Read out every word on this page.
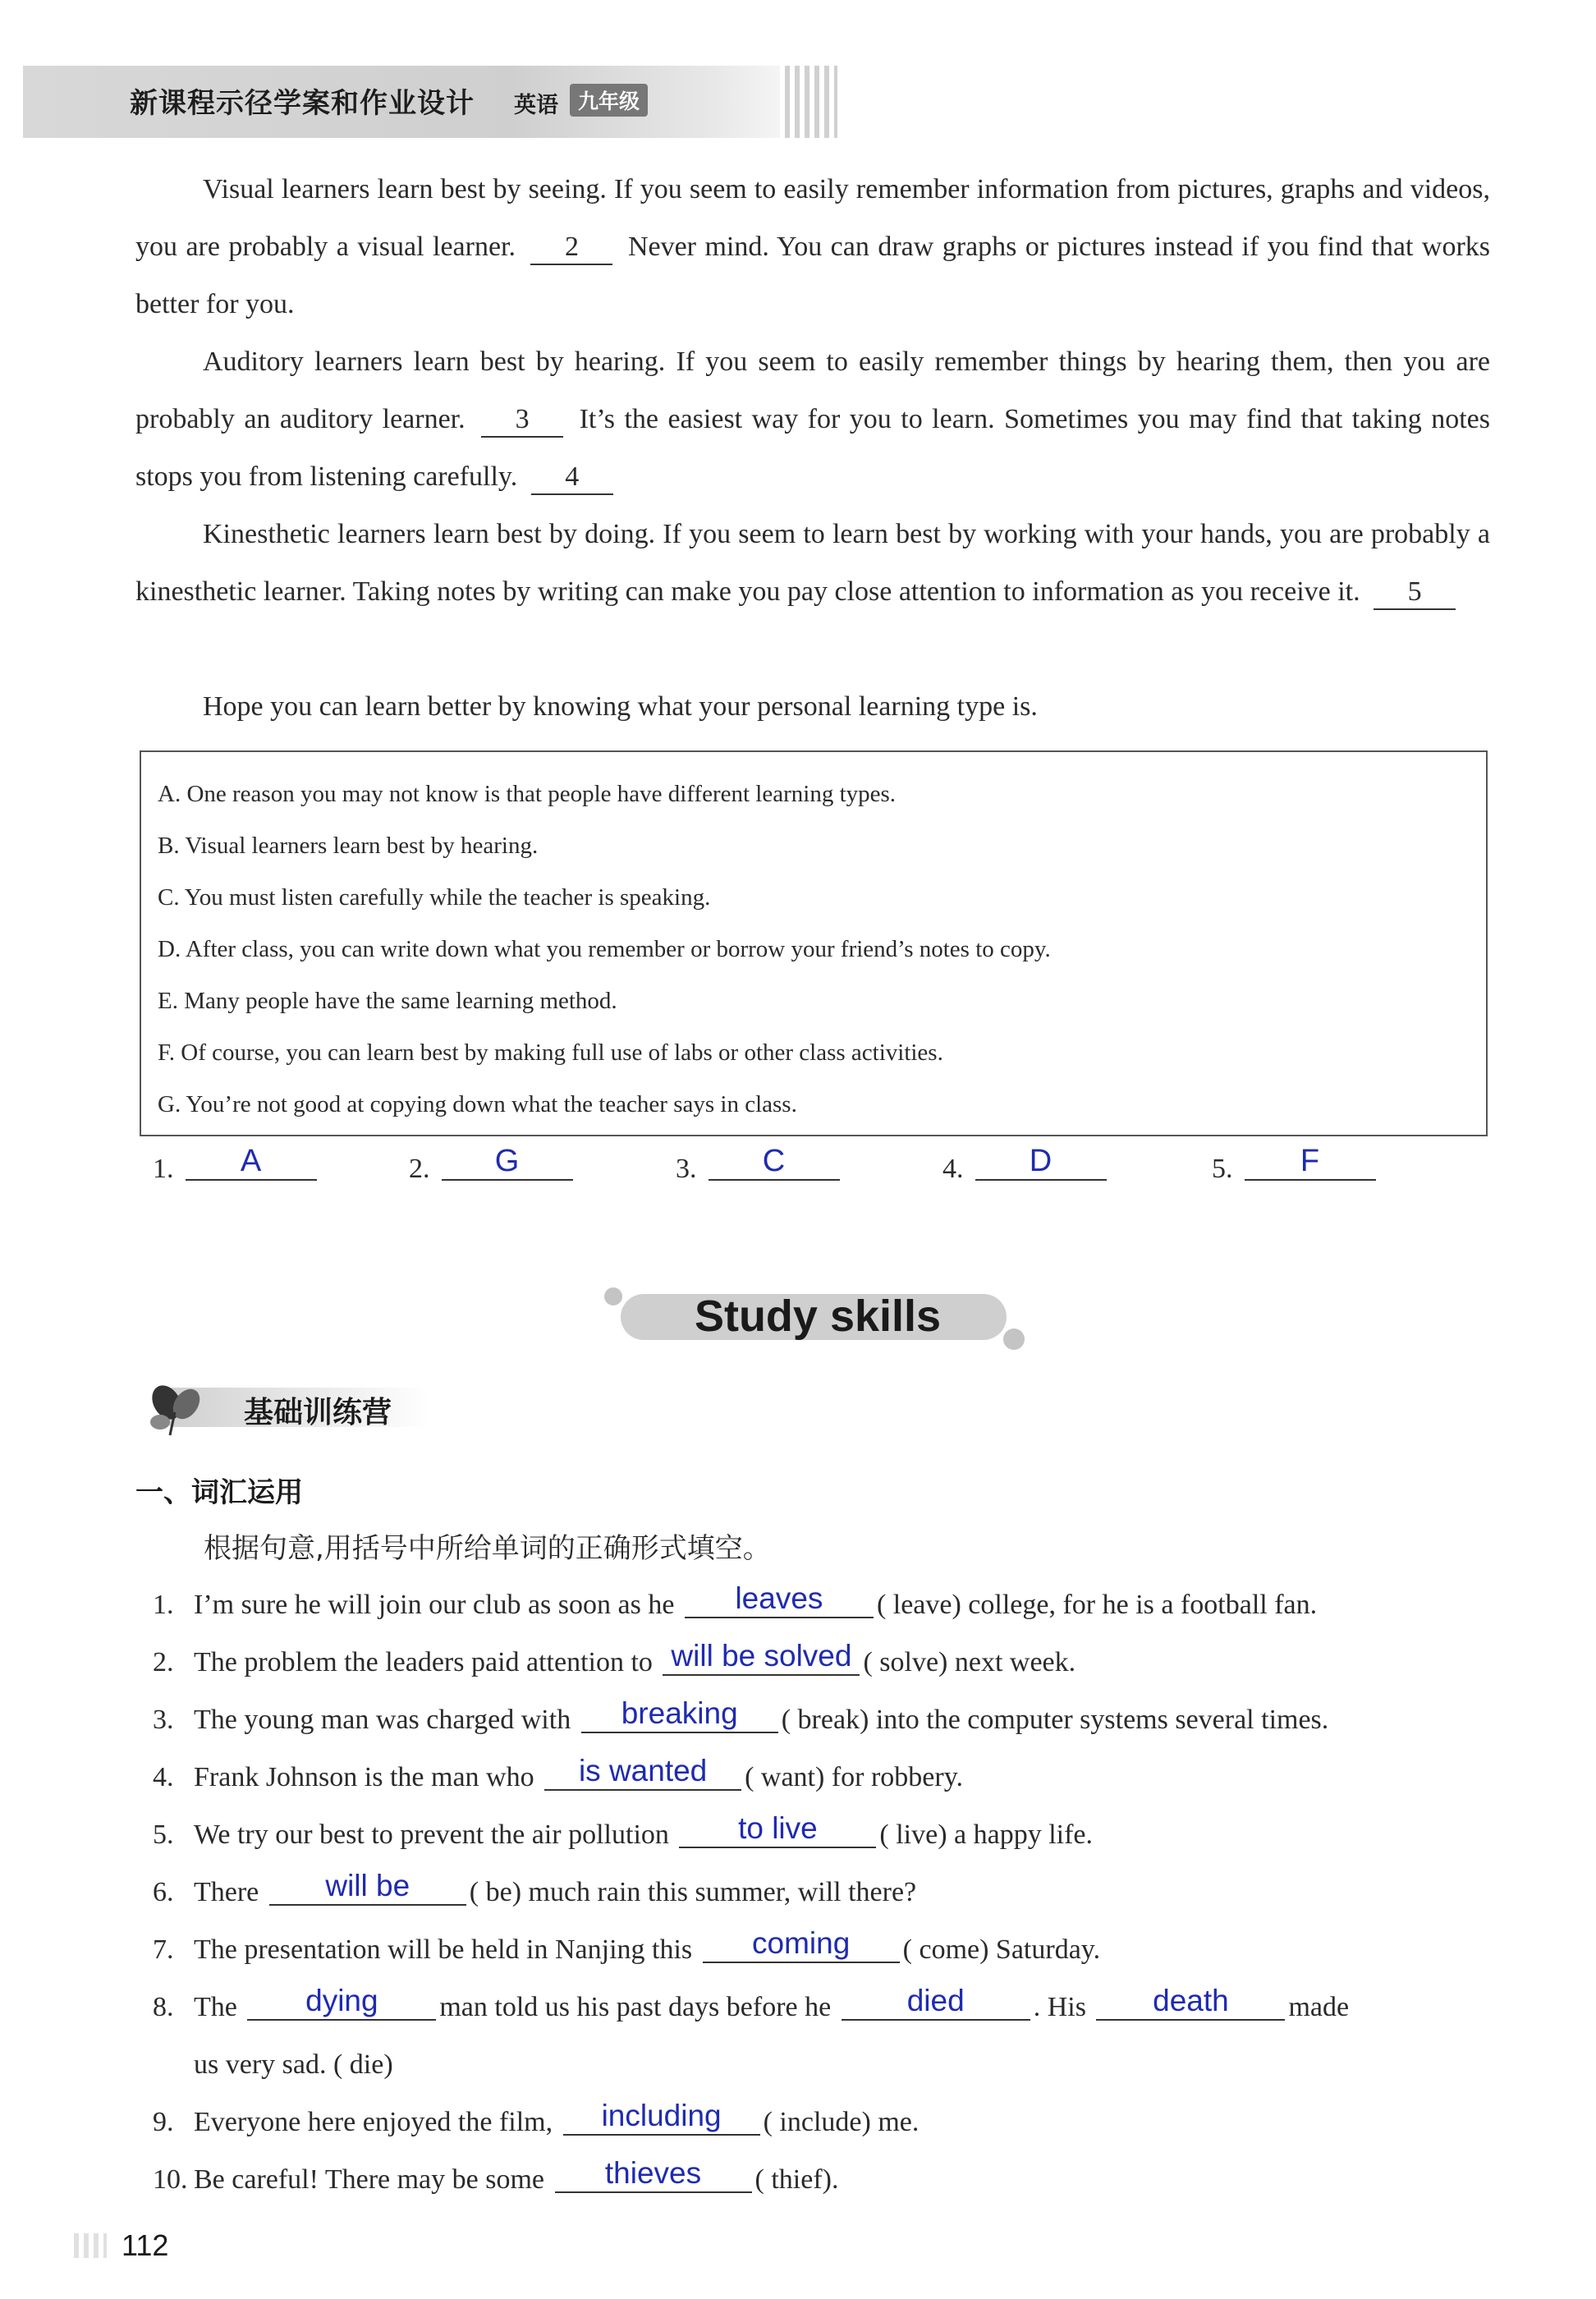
新课程示径学案和作业设计 英语 九年级
Visual learners learn best by seeing. If you seem to easily remember information from pictures, graphs and videos, you are probably a visual learner. 2 Never mind. You can draw graphs or pictures instead if you find that works better for you.
Auditory learners learn best by hearing. If you seem to easily remember things by hearing them, then you are probably an auditory learner. 3 It’s the easiest way for you to learn. Sometimes you may find that taking notes stops you from listening carefully. 4
Kinesthetic learners learn best by doing. If you seem to learn best by working with your hands, you are probably a kinesthetic learner. Taking notes by writing can make you pay close attention to information as you receive it. 5
Hope you can learn better by knowing what your personal learning type is.
A. One reason you may not know is that people have different learning types.
B. Visual learners learn best by hearing.
C. You must listen carefully while the teacher is speaking.
D. After class, you can write down what you remember or borrow your friend’s notes to copy.
E. Many people have the same learning method.
F. Of course, you can learn best by making full use of labs or other class activities.
G. You’re not good at copying down what the teacher says in class.
1. A	2. G	3. C	4. D	5. F
Study skills
基础训练营
一、词汇运用
根据句意,用括号中所给单词的正确形式填空。
1. I’m sure he will join our club as soon as he leaves ( leave) college, for he is a football fan.
2. The problem the leaders paid attention to will be solved ( solve) next week.
3. The young man was charged with breaking ( break) into the computer systems several times.
4. Frank Johnson is the man who is wanted ( want) for robbery.
5. We try our best to prevent the air pollution to live ( live) a happy life.
6. There will be ( be) much rain this summer, will there?
7. The presentation will be held in Nanjing this coming ( come) Saturday.
8. The dying man told us his past days before he	died . His death made
us very sad. ( die)
9. Everyone here enjoyed the film, including ( include) me.
10. Be careful! There may be some thieves ( thief).
112
